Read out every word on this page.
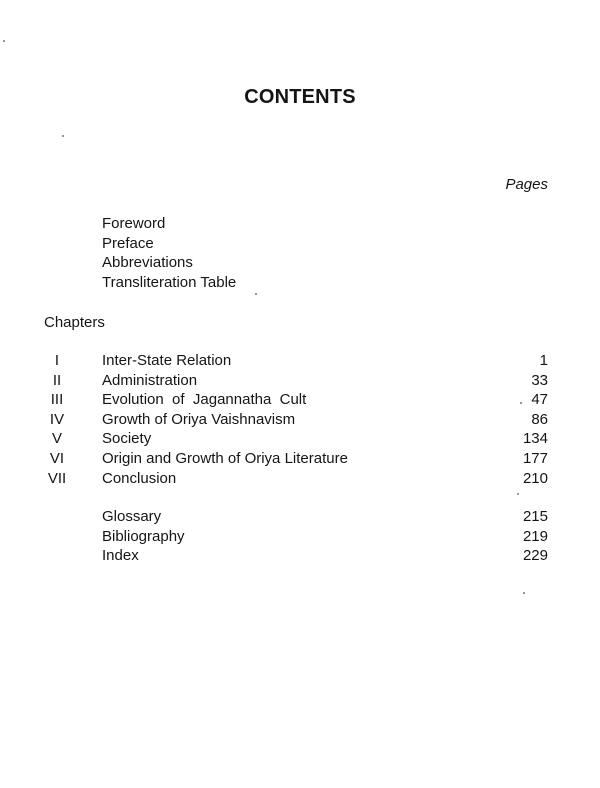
CONTENTS
Pages
Foreword
Preface
Abbreviations
Transliteration Table
Chapters
I	Inter-State Relation	1
II	Administration	33
III	Evolution  of  Jagannatha  Cult	47
IV	Growth of Oriya Vaishnavism	86
V	Society	134
VI	Origin and Growth of Oriya Literature	177
VII	Conclusion	210
Glossary	215
Bibliography	219
Index	229
